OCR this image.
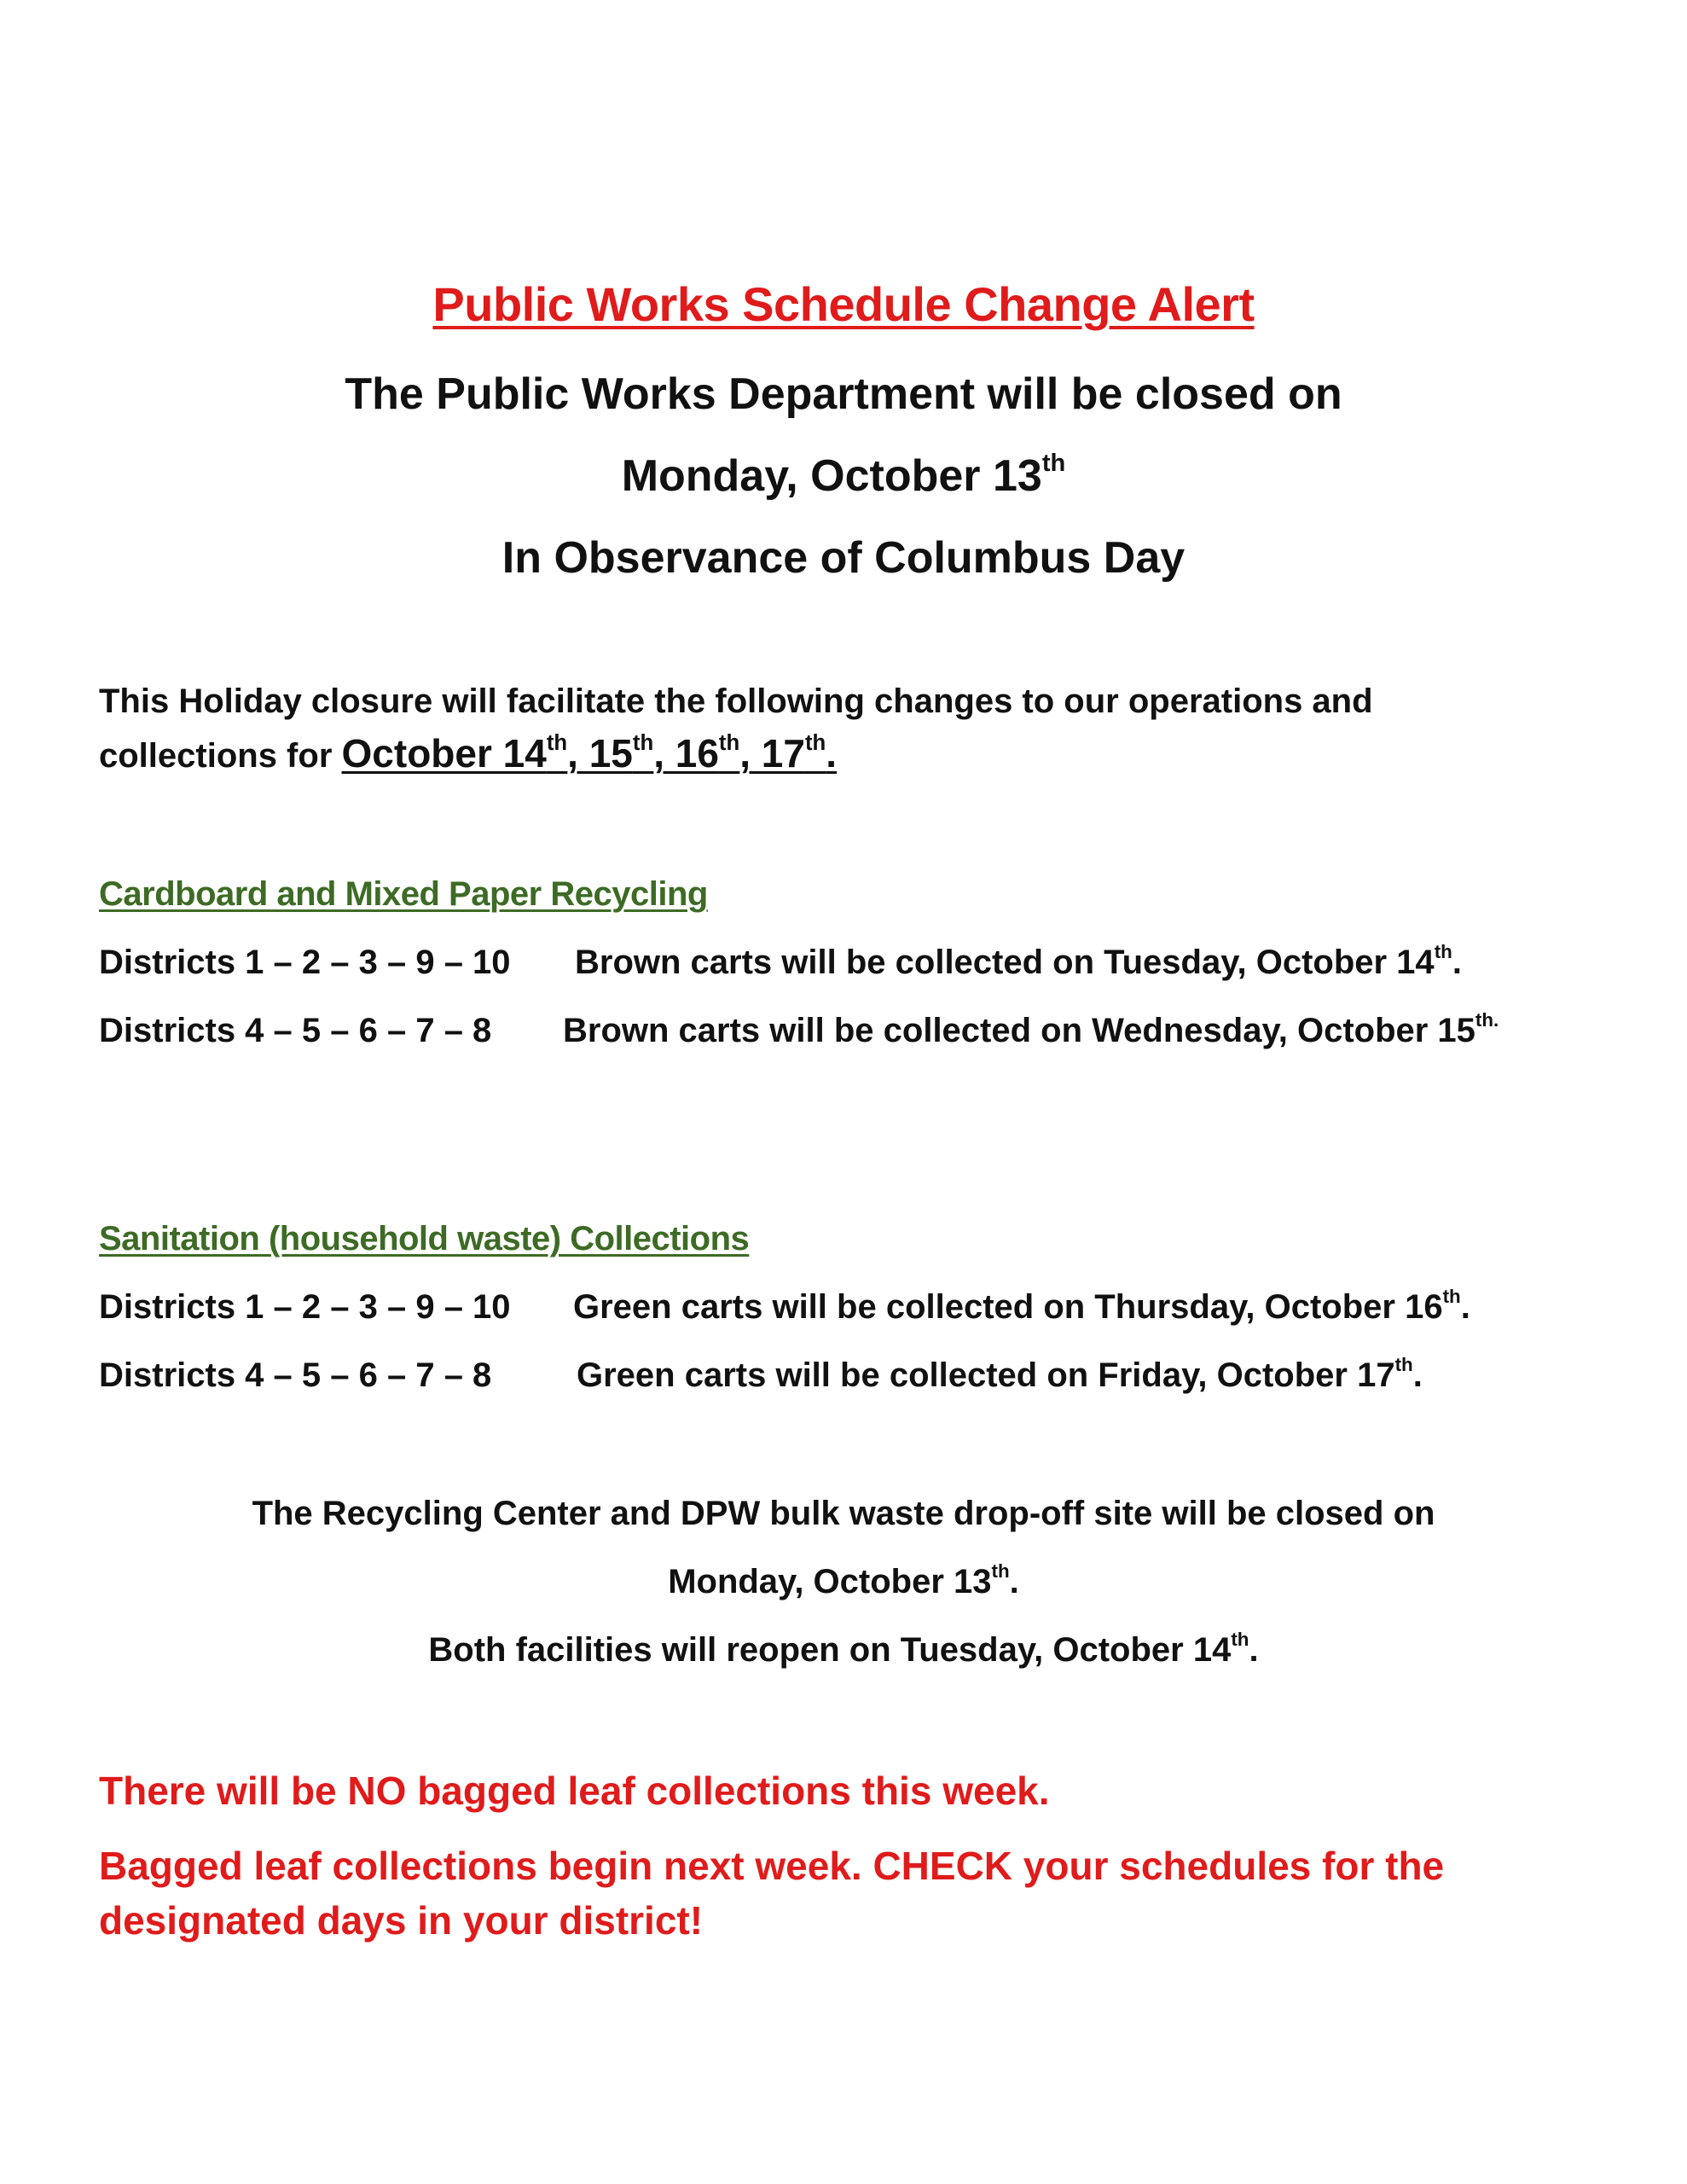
Public Works Schedule Change Alert
The Public Works Department will be closed on
Monday, October 13th
In Observance of Columbus Day
This Holiday closure will facilitate the following changes to our operations and
collections for October 14th, 15th, 16th, 17th.
Cardboard and Mixed Paper Recycling
Districts 1 – 2 – 3 – 9 – 10 Brown carts will be collected on Tuesday, October 14th.
Districts 4 – 5 – 6 – 7 – 8 Brown carts will be collected on Wednesday, October $15^{th.}$
Sanitation (household waste) Collections
Districts 1 – 2 – 3 – 9 – 10 Green carts will be collected on Thursday, October 16th.
Districts 4 – 5 – 6 – 7 – 8 Green carts will be collected on Friday, October 17th.
The Recycling Center and DPW bulk waste drop-off site will be closed on
Monday, October 13th.
Both facilities will reopen on Tuesday, October 14th.
There will be NO bagged leaf collections this week.
Bagged leaf collections begin next week. CHECK your schedules for the
designated days in your district!
